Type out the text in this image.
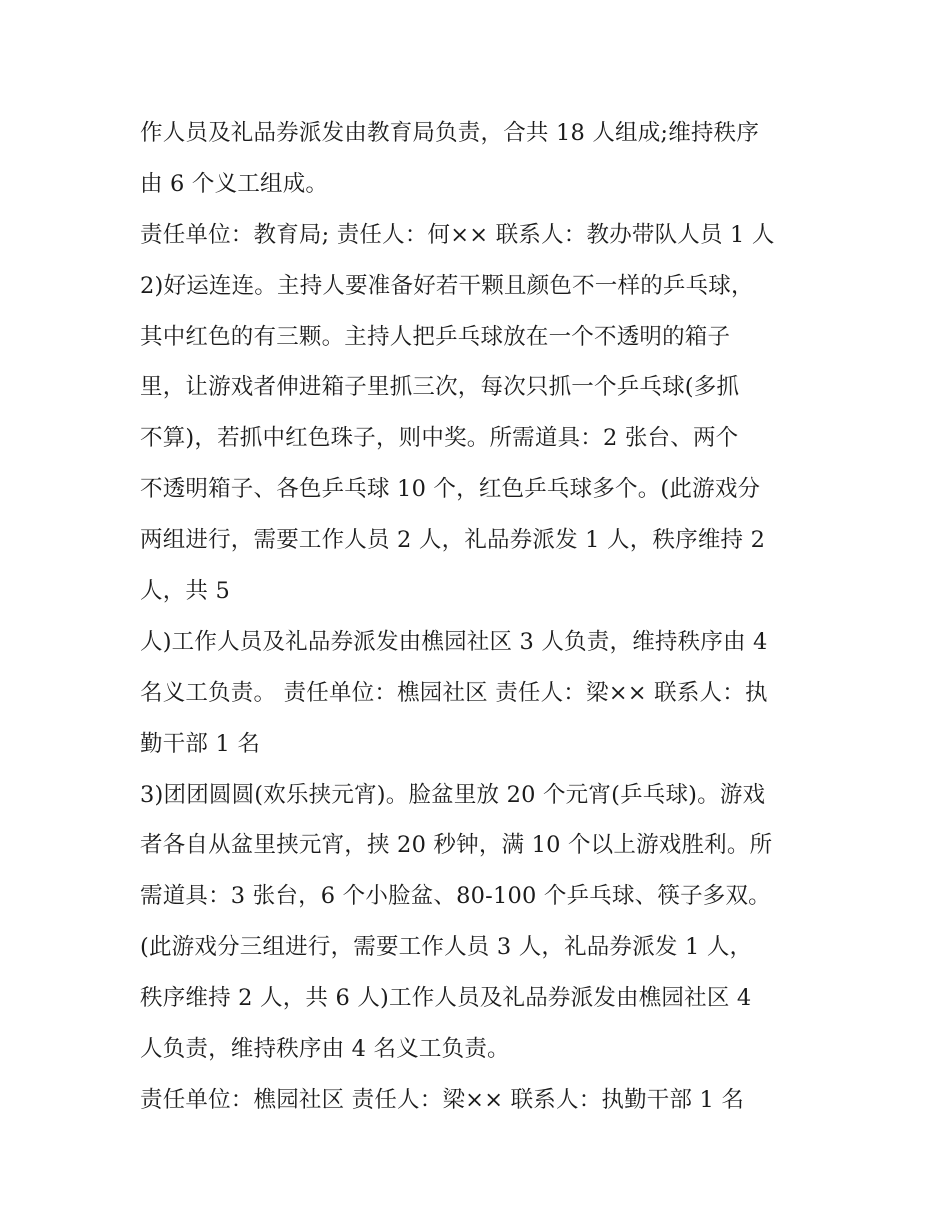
作人员及礼品券派发由教育局负责，合共 18 人组成;维持秩序
由 6 个义工组成。
责任单位：教育局; 责任人：何×× 联系人：教办带队人员 1 人
2)好运连连。主持人要准备好若干颗且颜色不一样的乒乓球，
其中红色的有三颗。主持人把乒乓球放在一个不透明的箱子
里，让游戏者伸进箱子里抓三次，每次只抓一个乒乓球(多抓
不算)，若抓中红色珠子，则中奖。所需道具：2 张台、两个
不透明箱子、各色乒乓球 10 个，红色乒乓球多个。(此游戏分
两组进行，需要工作人员 2 人，礼品券派发 1 人，秩序维持 2
人，共 5
人)工作人员及礼品券派发由樵园社区 3 人负责，维持秩序由 4
名义工负责。 责任单位：樵园社区 责任人：梁×× 联系人：执
勤干部 1 名
3)团团圆圆(欢乐挟元宵)。脸盆里放 20 个元宵(乒乓球)。游戏
者各自从盆里挟元宵，挟 20 秒钟，满 10 个以上游戏胜利。所
需道具：3 张台，6 个小脸盆、80-100 个乒乓球、筷子多双。
(此游戏分三组进行，需要工作人员 3 人，礼品券派发 1 人，
秩序维持 2 人，共 6 人)工作人员及礼品券派发由樵园社区 4
人负责，维持秩序由 4 名义工负责。
责任单位：樵园社区 责任人：梁×× 联系人：执勤干部 1 名
